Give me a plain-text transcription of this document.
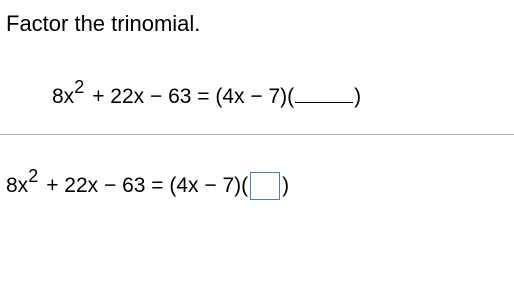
Factor the trinomial.
8x2 + 22x − 63 = (4x − 7)(	)
8x 2 + 22x − 63 = (4x − 7)( )
